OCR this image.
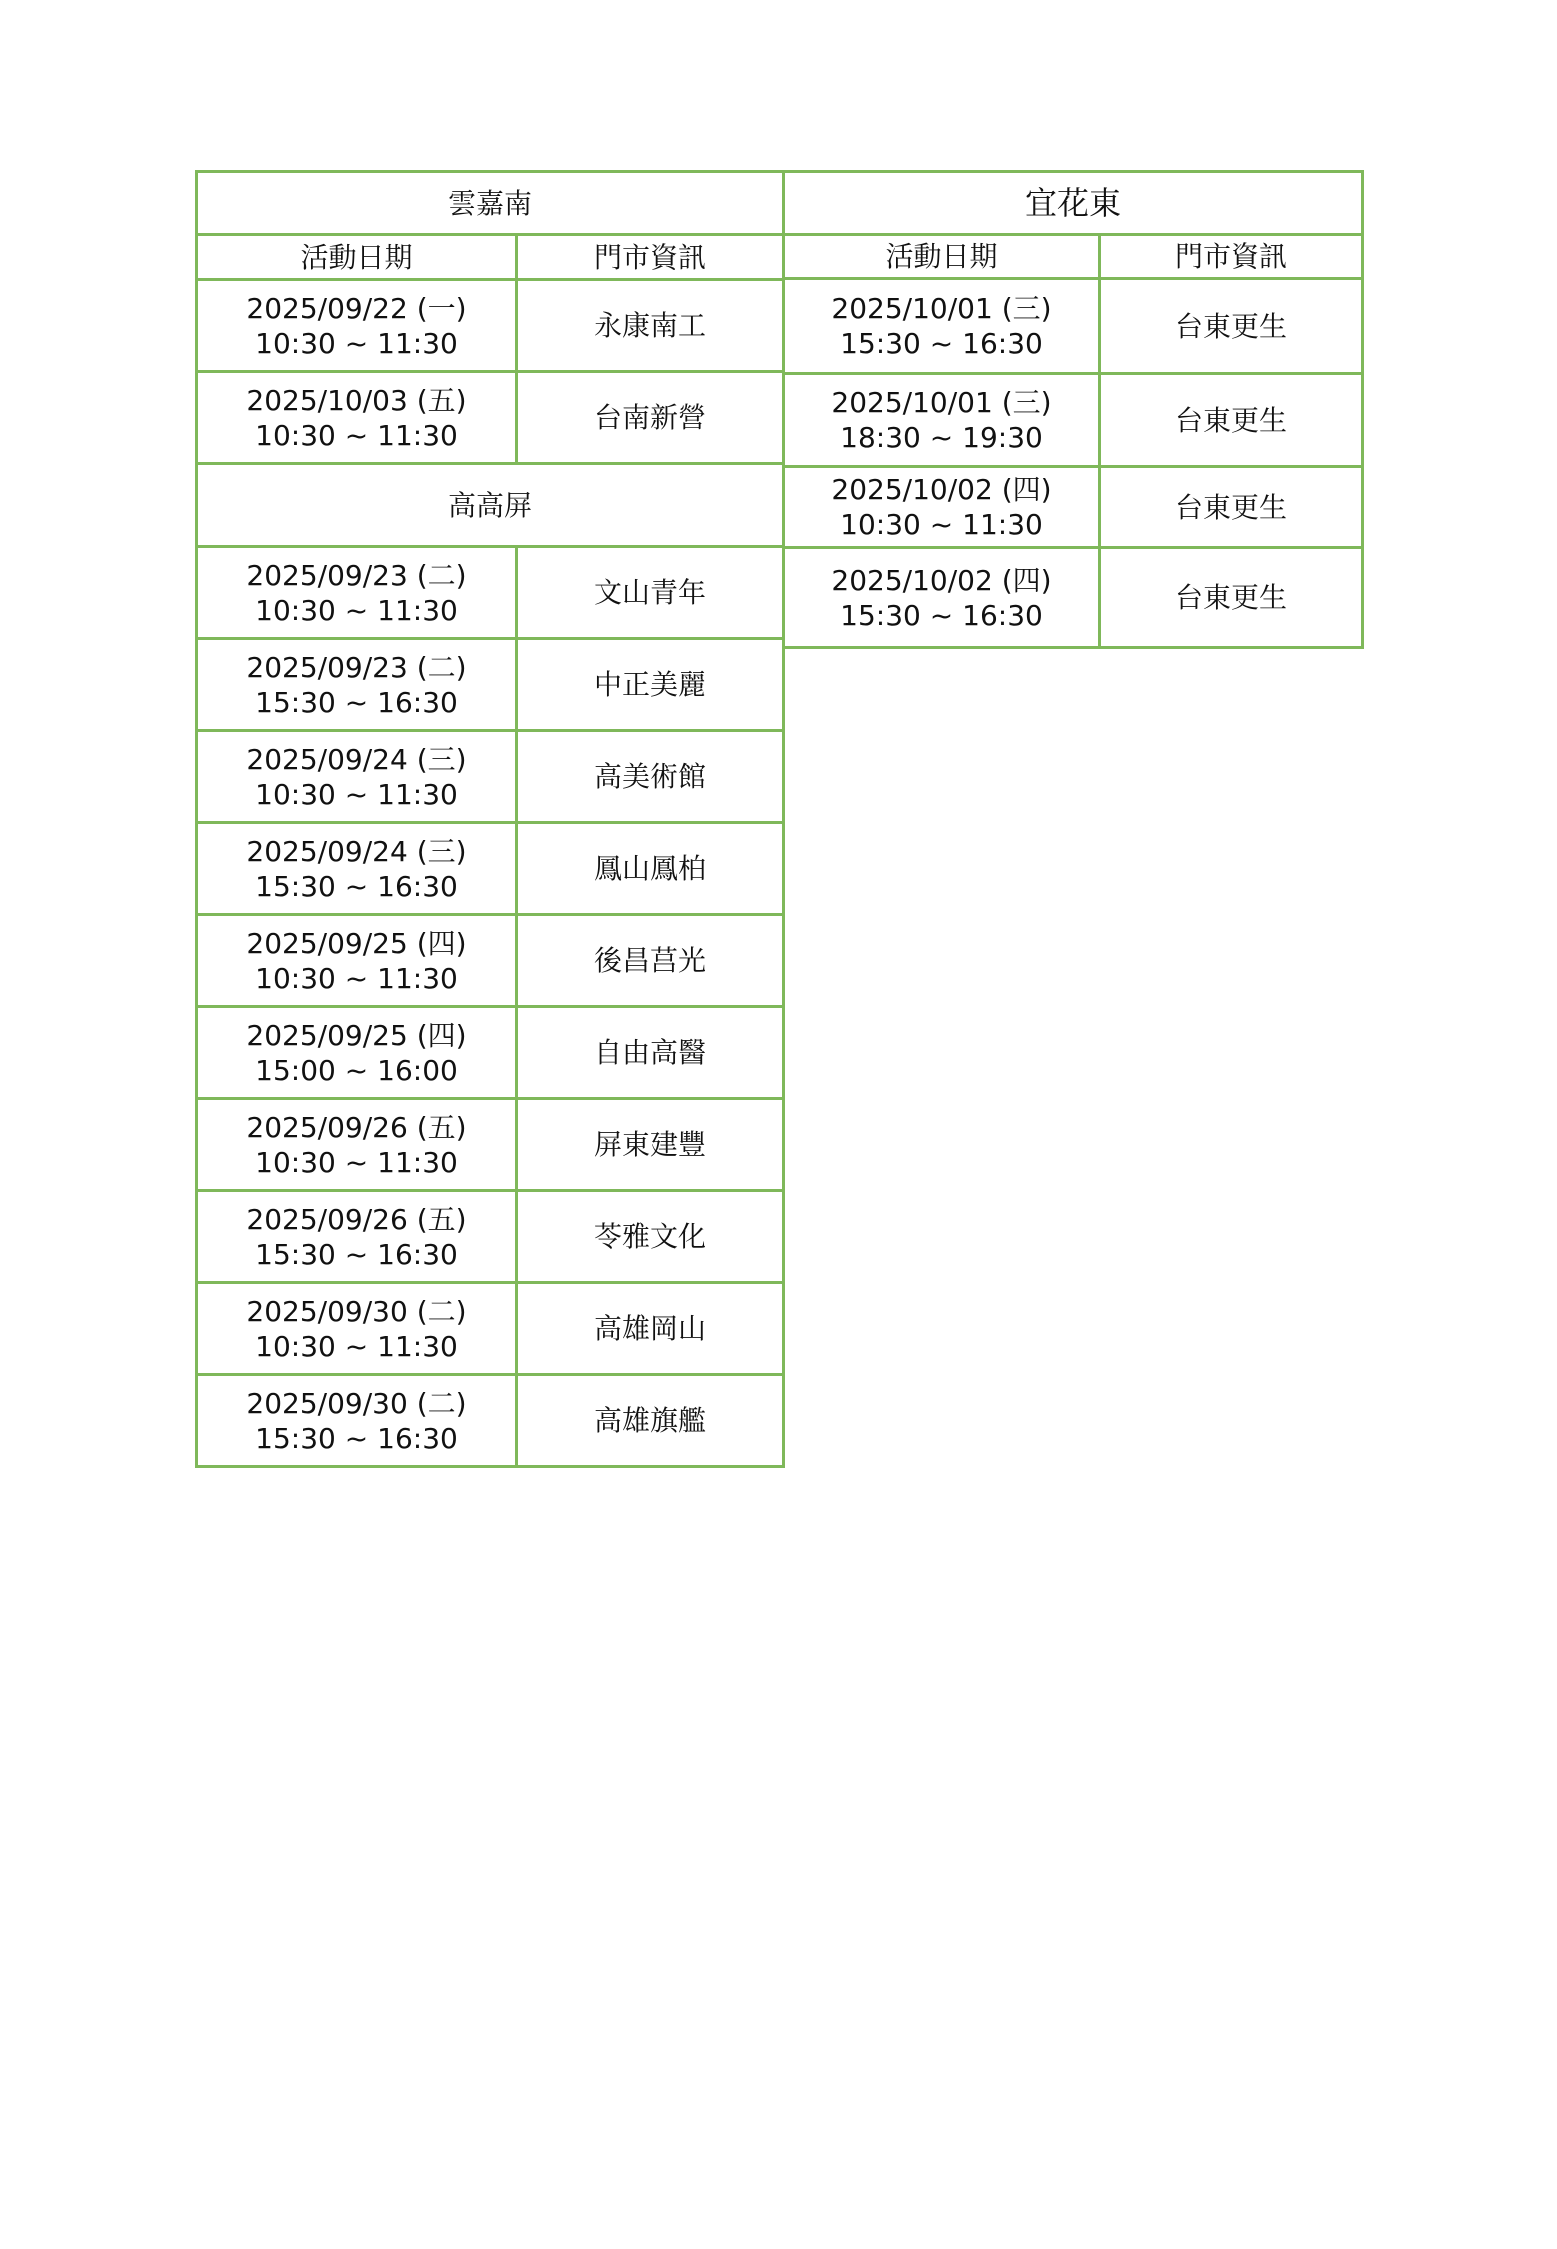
雲嘉南	
活動日期	門市資訊

2025/09/22 (一)
10:30 ~ 11:30	永康南工

2025/10/03 (五)
10:30 ~ 11:30	台南新營
高高屏	

2025/09/23 (二)
10:30 ~ 11:30	文山青年

2025/09/23 (二)
15:30 ~ 16:30	中正美麗

2025/09/24 (三)
10:30 ~ 11:30	高美術館

2025/09/24 (三)
15:30 ~ 16:30	鳳山鳳柏

2025/09/25 (四)
10:30 ~ 11:30	後昌莒光

2025/09/25 (四)
15:00 ~ 16:00	自由高醫

2025/09/26 (五)
10:30 ~ 11:30	屏東建豐

2025/09/26 (五)
15:30 ~ 16:30	苓雅文化

2025/09/30 (二)
10:30 ~ 11:30	高雄岡山

2025/09/30 (二)
15:30 ~ 16:30	高雄旗艦
宜花東	
活動日期	門市資訊

2025/10/01 (三)
15:30 ~ 16:30	台東更生

2025/10/01 (三)
18:30 ~ 19:30	台東更生

2025/10/02 (四)
10:30 ~ 11:30	台東更生

2025/10/02 (四)
15:30 ~ 16:30	台東更生
